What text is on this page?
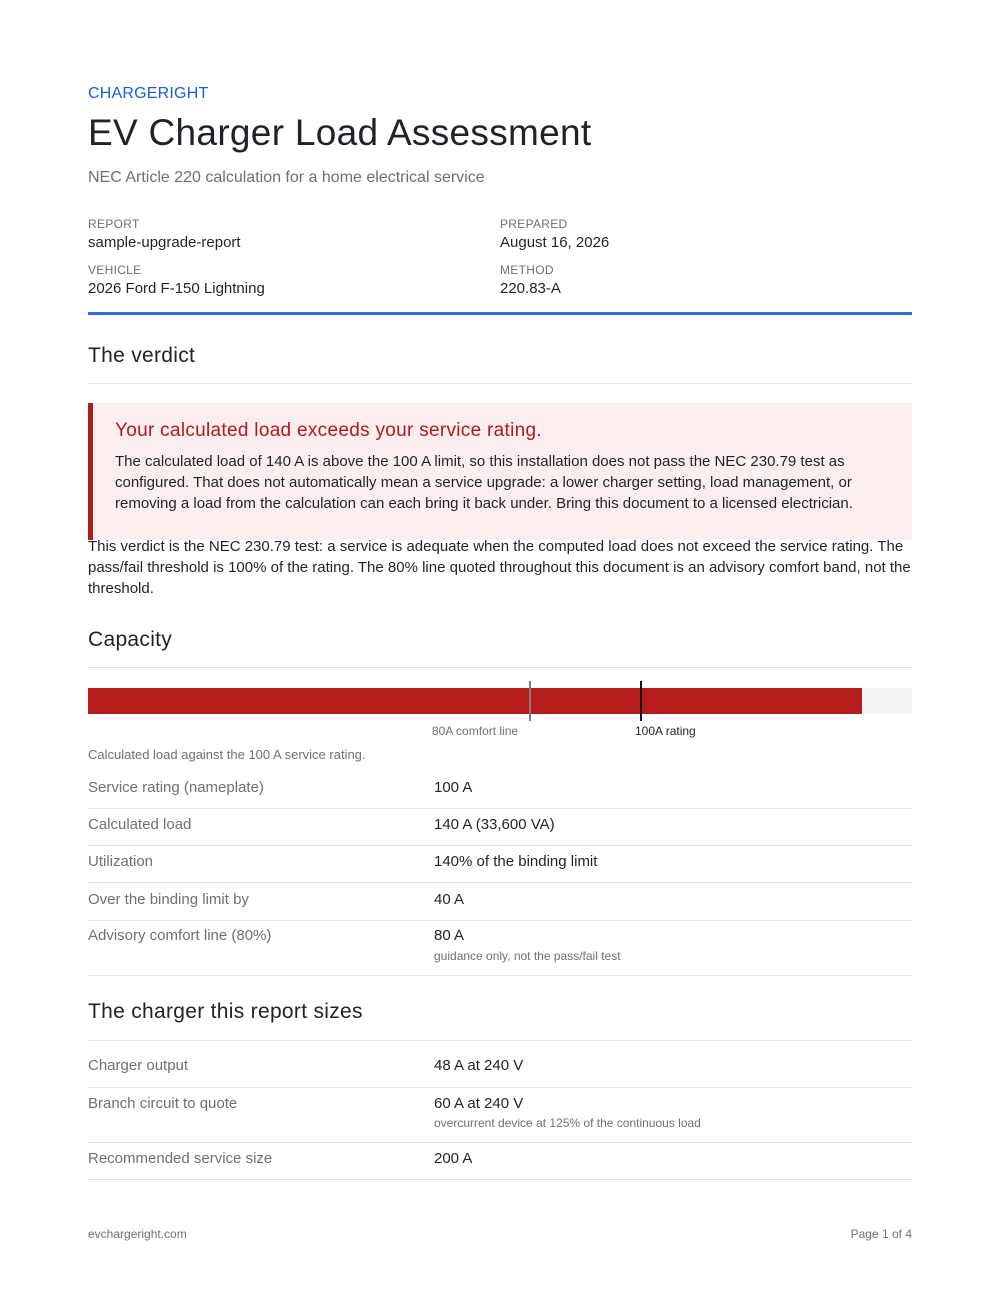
CHARGERIGHT
EV Charger Load Assessment
NEC Article 220 calculation for a home electrical service
REPORT
sample-upgrade-report
PREPARED
August 16, 2026
VEHICLE
2026 Ford F-150 Lightning
METHOD
220.83-A
The verdict
Your calculated load exceeds your service rating.
The calculated load of 140 A is above the 100 A limit, so this installation does not pass the NEC 230.79 test as configured. That does not automatically mean a service upgrade: a lower charger setting, load management, or removing a load from the calculation can each bring it back under. Bring this document to a licensed electrician.
This verdict is the NEC 230.79 test: a service is adequate when the computed load does not exceed the service rating. The pass/fail threshold is 100% of the rating. The 80% line quoted throughout this document is an advisory comfort band, not the threshold.
Capacity
80A comfort line	100A rating
Calculated load against the 100 A service rating.
Service rating (nameplate)	100 A
Calculated load	140 A (33,600 VA)
Utilization	140% of the binding limit
Over the binding limit by	40 A
Advisory comfort line (80%)	80 A
guidance only, not the pass/fail test
The charger this report sizes
Charger output	48 A at 240 V
Branch circuit to quote	60 A at 240 V
overcurrent device at 125% of the continuous load
Recommended service size	200 A
evchargeright.com	Page 1 of 4
